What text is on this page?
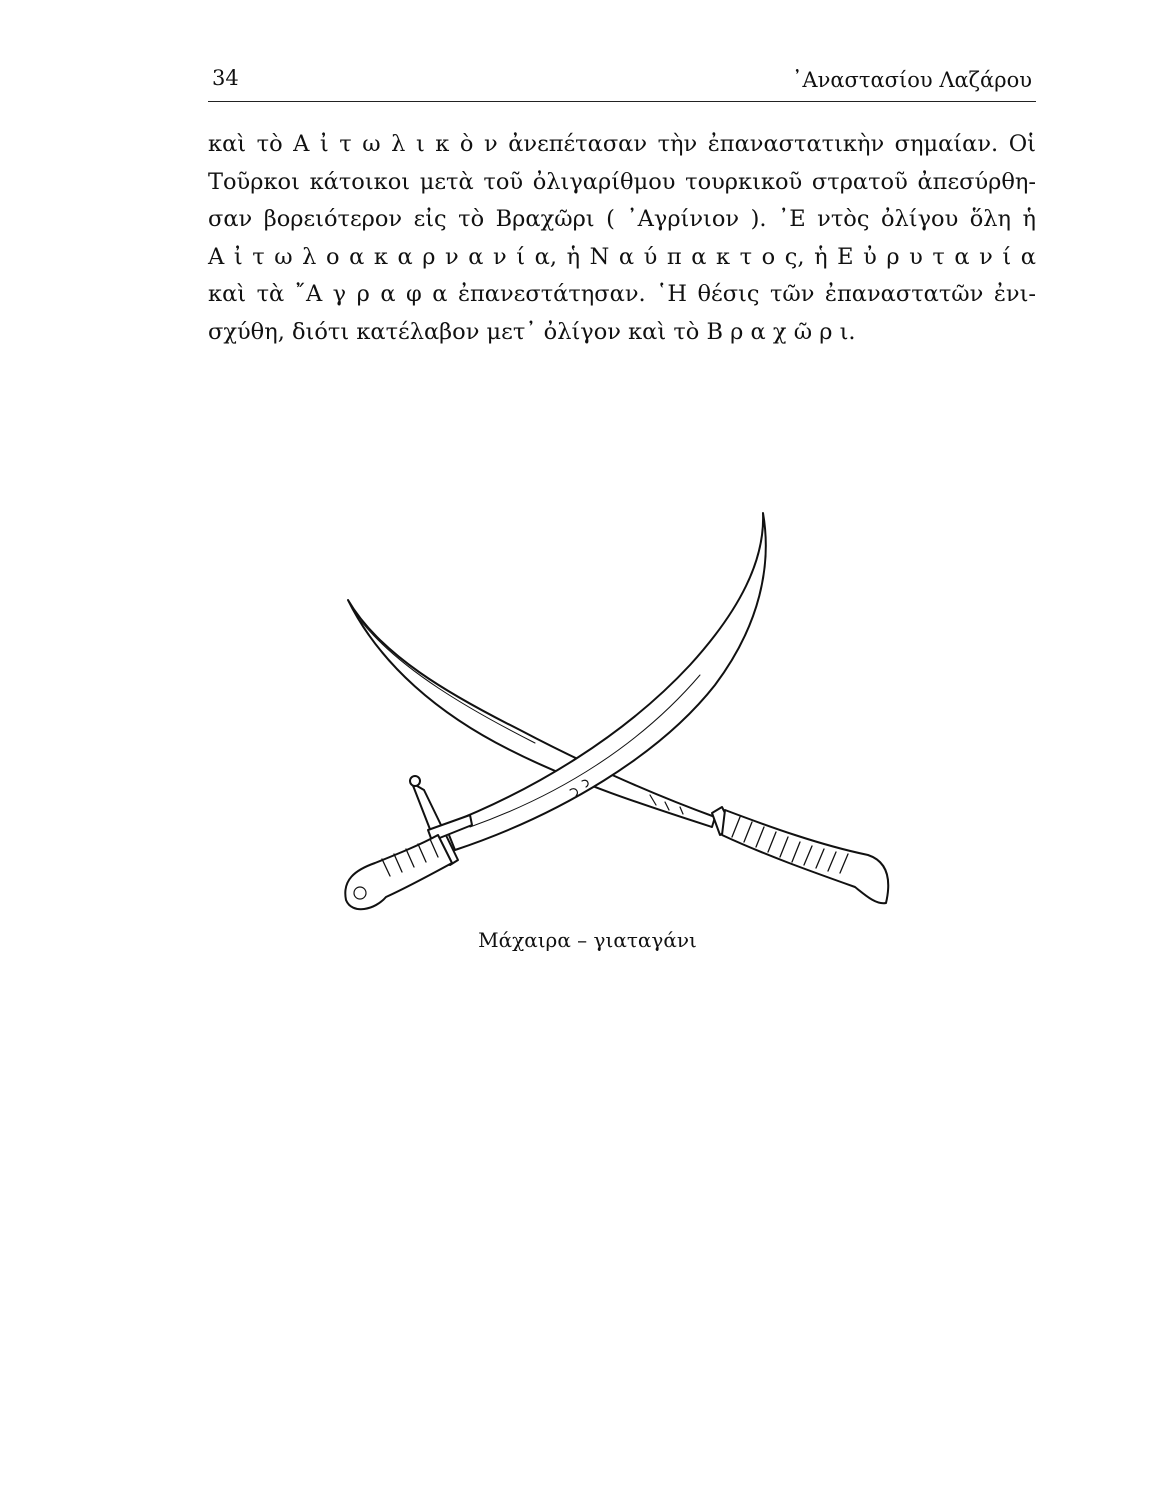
34	᾿Αναστασίου Λαζάρου
καὶ τὸ Α ἰ τ ω λ ι κ ὸ ν ἀνεπέτασαν τὴν ἐπαναστατικὴν σημαίαν. Οἱ
Τοῦρκοι κάτοικοι μετὰ τοῦ ὀλιγαρίθμου τουρκικοῦ στρατοῦ ἀπεσύρθη-
σαν βορειότερον εἰς τὸ Βραχῶρι ( ᾿Αγρίνιον ). ᾿Ε ντὸς ὀλίγου ὅλη ἡ
Α ἰ τ ω λ ο α κ α ρ ν α ν ί α, ἡ Ν α ύ π α κ τ ο ς, ἡ Ε ὐ ρ υ τ α ν ί α
καὶ τὰ ῎Α γ ρ α φ α ἐπανεστάτησαν. ῾Η θέσις τῶν ἐπαναστατῶν ἐνι-
σχύθη, διότι κατέλαβον μετ᾿ ὀλίγον καὶ τὸ Β ρ α χ ῶ ρ ι.
Μάχαιρα – γιαταγάνι
